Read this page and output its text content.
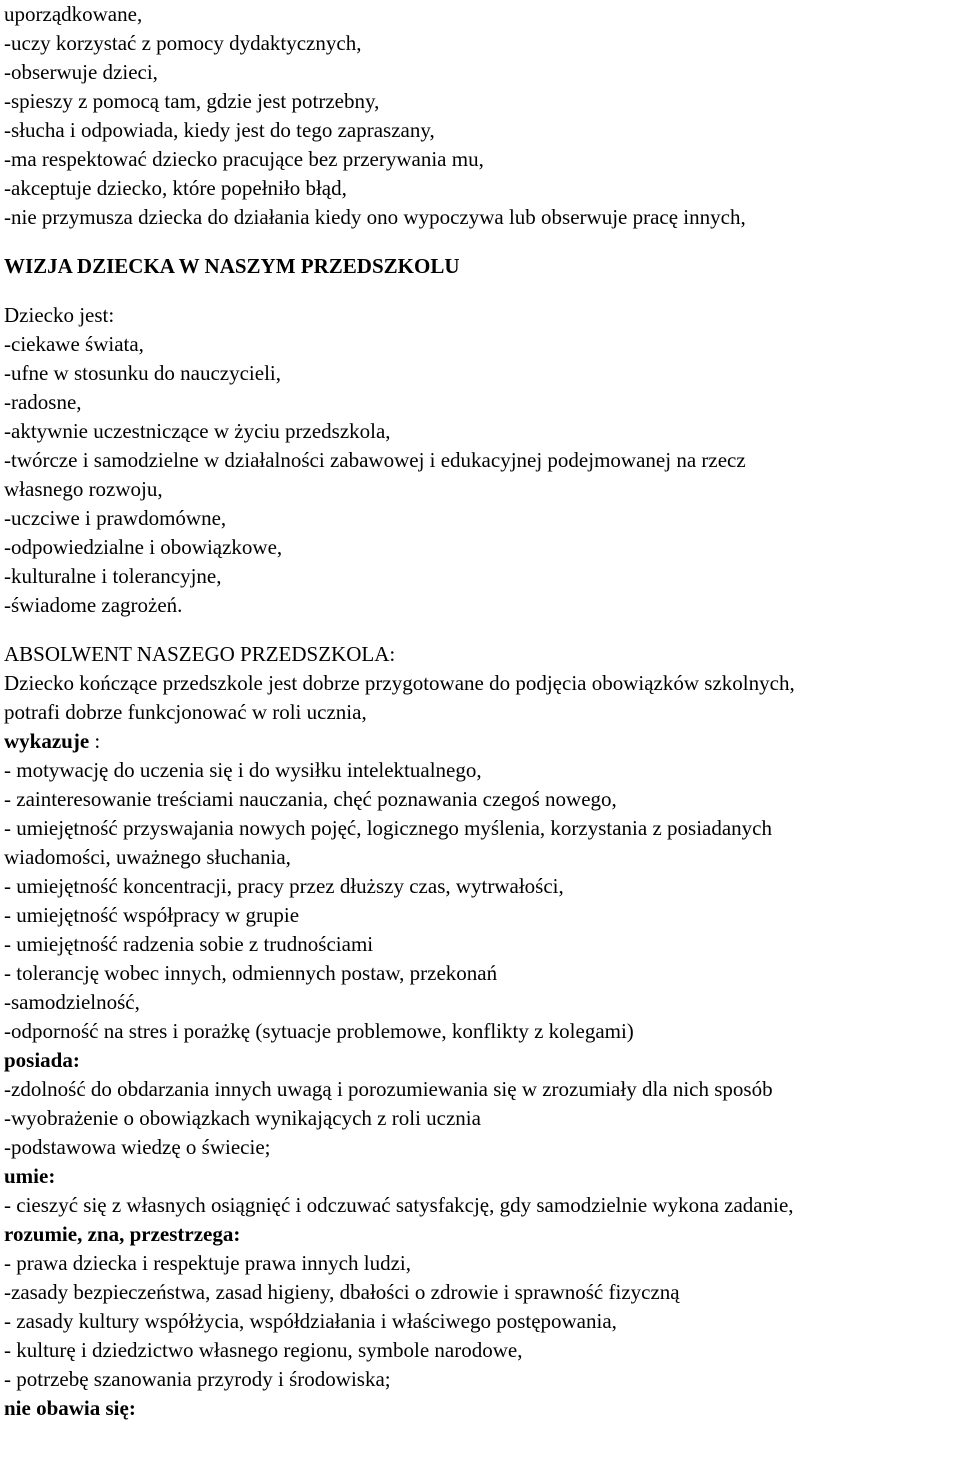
uporządkowane,
-uczy korzystać z pomocy dydaktycznych,
-obserwuje dzieci,
-spieszy z pomocą tam, gdzie jest potrzebny,
-słucha i odpowiada, kiedy jest do tego zapraszany,
-ma respektować dziecko pracujące bez przerywania mu,
-akceptuje dziecko, które popełniło błąd,
-nie przymusza dziecka do działania kiedy ono wypoczywa lub obserwuje pracę innych,
WIZJA DZIECKA W NASZYM PRZEDSZKOLU
Dziecko jest:
-ciekawe świata,
-ufne w stosunku do nauczycieli,
-radosne,
-aktywnie uczestniczące w życiu przedszkola,
-twórcze i samodzielne w działalności zabawowej i edukacyjnej podejmowanej na rzecz
własnego rozwoju,
-uczciwe i prawdomówne,
-odpowiedzialne i obowiązkowe,
-kulturalne i tolerancyjne,
-świadome zagrożeń.
ABSOLWENT NASZEGO PRZEDSZKOLA:
Dziecko kończące przedszkole jest dobrze przygotowane do podjęcia obowiązków szkolnych,
potrafi dobrze funkcjonować w roli ucznia,
wykazuje :
- motywację do uczenia się i do wysiłku intelektualnego,
- zainteresowanie treściami nauczania, chęć poznawania czegoś nowego,
- umiejętność przyswajania nowych pojęć, logicznego myślenia, korzystania z posiadanych
wiadomości, uważnego słuchania,
- umiejętność koncentracji, pracy przez dłuższy czas, wytrwałości,
- umiejętność współpracy w grupie
- umiejętność radzenia sobie z trudnościami
- tolerancję wobec innych, odmiennych postaw, przekonań
-samodzielność,
-odporność na stres i porażkę (sytuacje problemowe, konflikty z kolegami)
posiada:
-zdolność do obdarzania innych uwagą i porozumiewania się w zrozumiały dla nich sposób
-wyobrażenie o obowiązkach wynikających z roli ucznia
-podstawowa wiedzę o świecie;
umie:
- cieszyć się z własnych osiągnięć i odczuwać satysfakcję, gdy samodzielnie wykona zadanie,
rozumie, zna, przestrzega:
- prawa dziecka i respektuje prawa innych ludzi,
-zasady bezpieczeństwa, zasad higieny, dbałości o zdrowie i sprawność fizyczną
- zasady kultury współżycia, współdziałania i właściwego postępowania,
- kulturę i dziedzictwo własnego regionu, symbole narodowe,
- potrzebę szanowania przyrody i środowiska;
nie obawia się:
